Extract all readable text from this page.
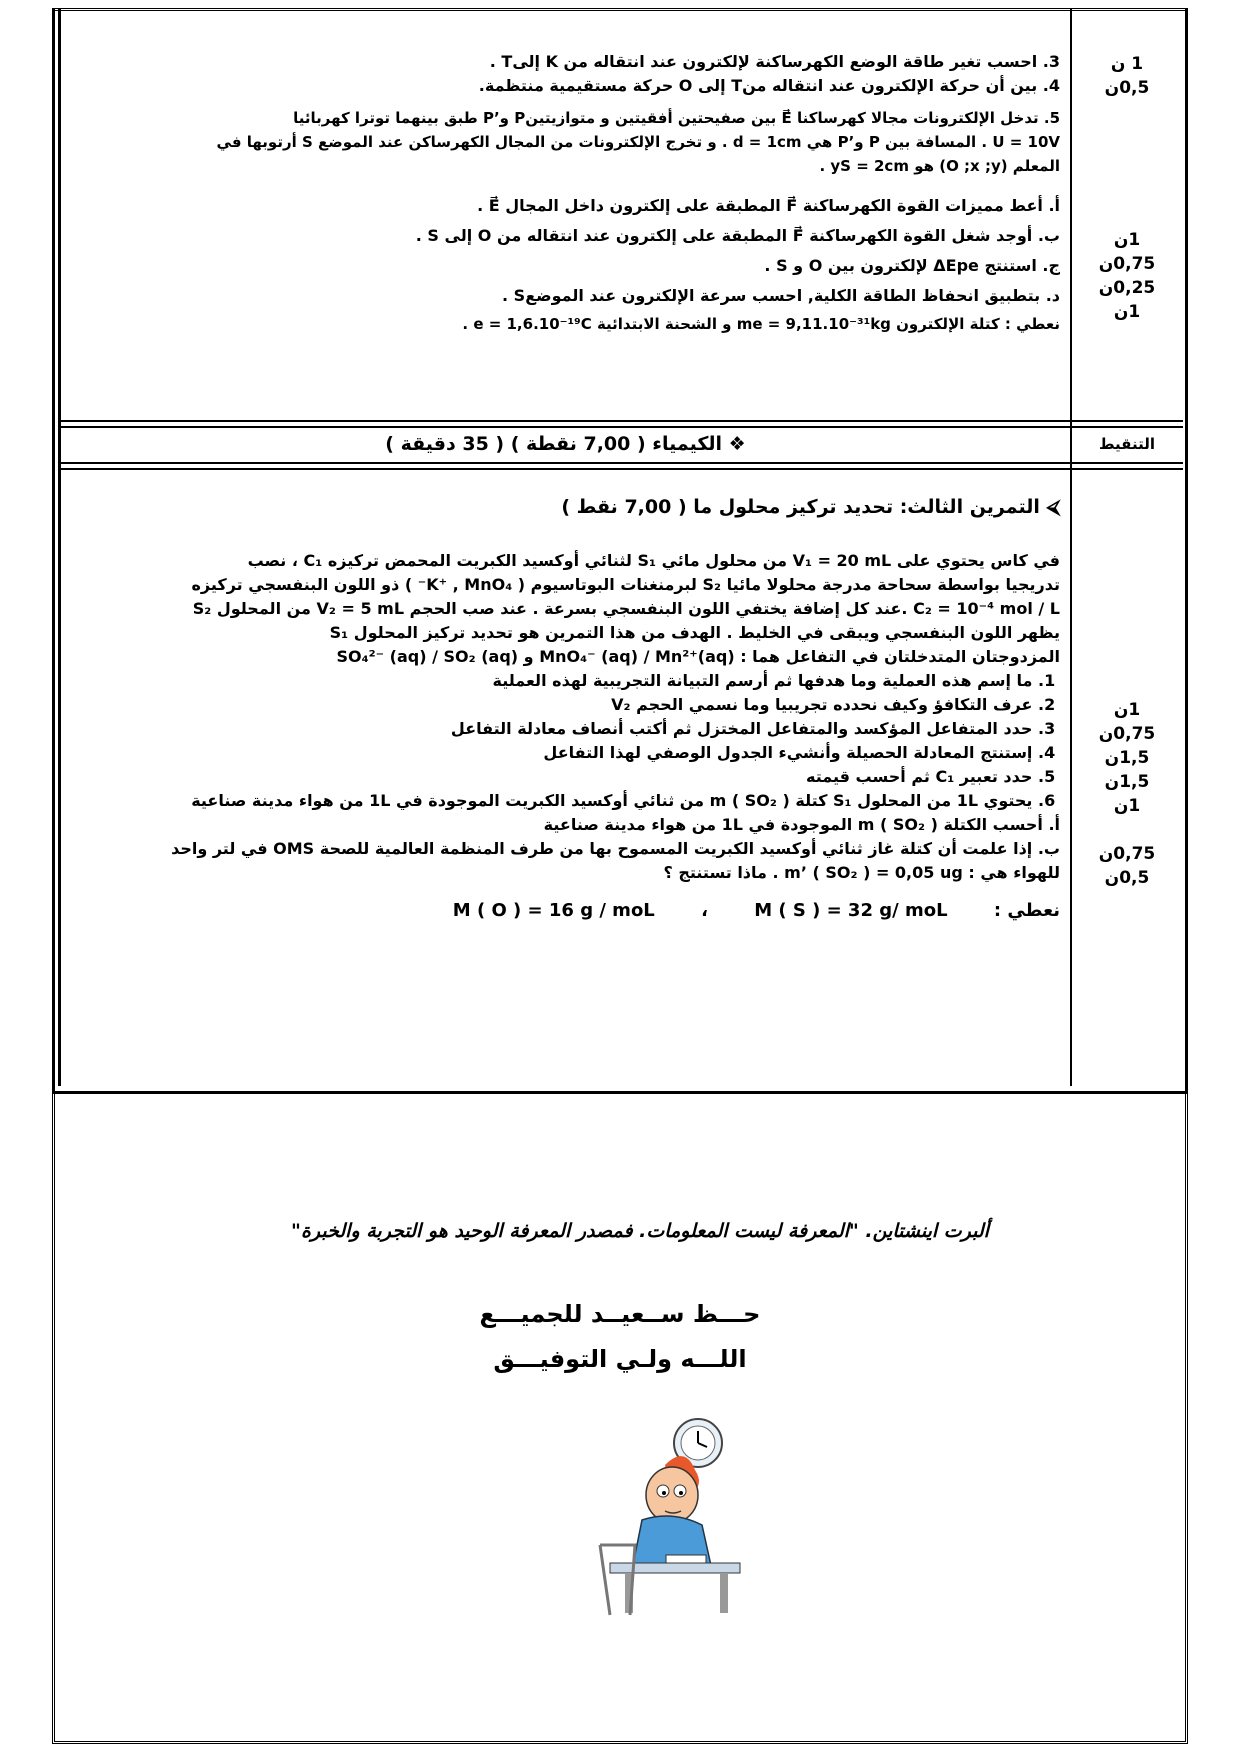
3. احسب تغير طاقة الوضع الكهرساكنة لإلكترون عند انتقاله من K إلىT .

4. بين أن حركة الإلكترون عند انتقاله منT إلى O حركة مستقيمية منتظمة.

5. تدخل الإلكترونات مجالا كهرساكنا E⃗ بين صفيحتين أفقيتين و متوازيتينP و’P طبق بينهما توترا كهربائيا

U = 10V . المسافة بين P و’P هي d = 1cm . و تخرج الإلكترونات من المجال الكهرساكن عند الموضع S أرتوبها في

المعلم (O ;x ;y) هو yS = 2cm .

أ. أعط مميزات القوة الكهرساكنة F⃗ المطبقة على إلكترون داخل المجال E⃗ .

ب. أوجد شغل القوة الكهرساكنة F⃗ المطبقة على إلكترون عند انتقاله من O إلى S .

ج. استنتج ΔEpe لإلكترون بين O و S .

د. بتطبيق انحفاظ الطاقة الكلية, احسب سرعة الإلكترون عند الموضعS .

نعطي : كتلة الإلكترون me = 9,11.10⁻³¹kg و الشحنة الابتدائية e = 1,6.10⁻¹⁹C .

1 ن
0,5ن
1ن
0,75ن
0,25ن
1ن
❖ الكيمياء ( 7,00 نقطة ) ( 35 دقيقة )	التنقيط

⮘ التمرين الثالث: تحديد تركيز محلول ما ( 7,00 نقط )

في كاس يحتوي على V₁ = 20 mL من محلول مائي S₁ لثنائي أوكسيد الكبريت المحمض تركيزه C₁ ، نصب

تدريجيا بواسطة سحاحة مدرجة محلولا مائيا S₂ لبرمنغنات البوتاسيوم ( K⁺ , MnO₄⁻ ) ذو اللون البنفسجي تركيزه

C₂ = 10⁻⁴ mol / L .عند كل إضافة يختفي اللون البنفسجي بسرعة . عند صب الحجم V₂ = 5 mL من المحلول S₂

يظهر اللون البنفسجي ويبقى في الخليط . الهدف من هذا التمرين هو تحديد تركيز المحلول S₁

المزدوجتان المتدخلتان في التفاعل هما : MnO₄⁻ (aq) / Mn²⁺(aq) و SO₄²⁻ (aq) / SO₂ (aq)

1. ما إسم هذه العملية وما هدفها ثم أرسم التبيانة التجريبية لهذه العملية

2. عرف التكافؤ وكيف نحدده تجريبيا وما نسمي الحجم V₂

3. حدد المتفاعل المؤكسد والمتفاعل المختزل ثم أكتب أنصاف معادلة التفاعل

4. إستنتج المعادلة الحصيلة وأنشيء الجدول الوصفي لهذا التفاعل

5. حدد تعبير C₁ ثم أحسب قيمته

6. يحتوي 1L من المحلول S₁ كتلة ( m ( SO₂ من ثنائي أوكسيد الكبريت الموجودة في 1L من هواء مدينة صناعية

أ. أحسب الكتلة ( m ( SO₂ الموجودة في 1L من هواء مدينة صناعية

ب. إذا علمت أن كتلة غاز ثنائي أوكسيد الكبريت المسموح بها من طرف المنظمة العالمية للصحة OMS في لتر واحد

للهواء هي : m’ ( SO₂ ) = 0,05 ug . ماذا تستنتج ؟

نعطي : M ( S ) = 32 g/ moL ، M ( O ) = 16 g / moL

1ن
0,75ن
1,5ن
1,5ن
1ن
0,75ن
0,5ن
ألبرت اينشتاين. "المعرفة ليست المعلومات. فمصدر المعرفة الوحيد هو التجربة والخبرة"
حـــظ ســعيــد للجميـــع
اللـــه ولـي التوفيـــق
